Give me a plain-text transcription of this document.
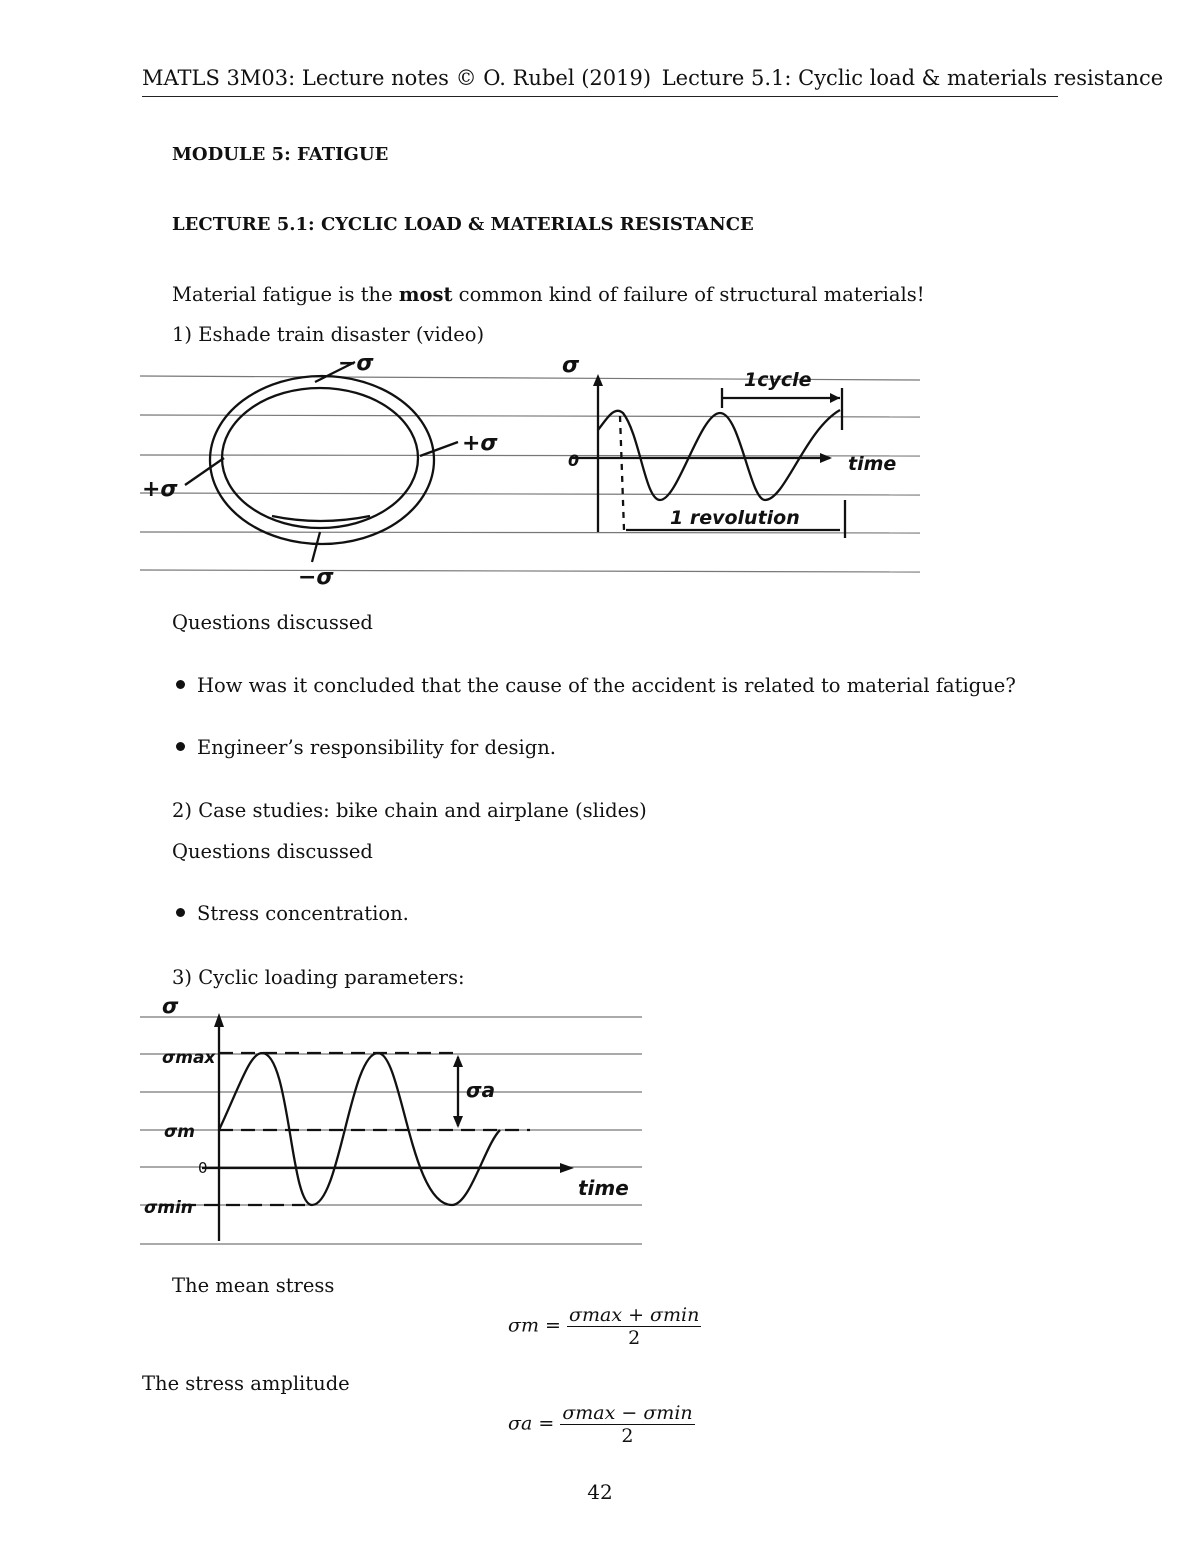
MATLS 3M03: Lecture notes © O. Rubel (2019) Lecture 5.1: Cyclic load & materials resistance
MODULE 5: FATIGUE
LECTURE 5.1: CYCLIC LOAD & MATERIALS RESISTANCE
Material fatigue is the most common kind of failure of structural materials!
1) Eshade train disaster (video)
−σ
+σ
+σ
−σ
σ
0
1cycle
time
1 revolution
Questions discussed
How was it concluded that the cause of the accident is related to material fatigue?
Engineer’s responsibility for design.
2) Case studies: bike chain and airplane (slides)
Questions discussed
Stress concentration.
3) Cyclic loading parameters:
σ
σmax
σm
0
σmin
σa
time
The mean stress
$\sigma m = \frac{\sigma\max + \sigma\min}{2}$
The stress amplitude
$\sigma a = \frac{\sigma\max - \sigma\min}{2}$
42
